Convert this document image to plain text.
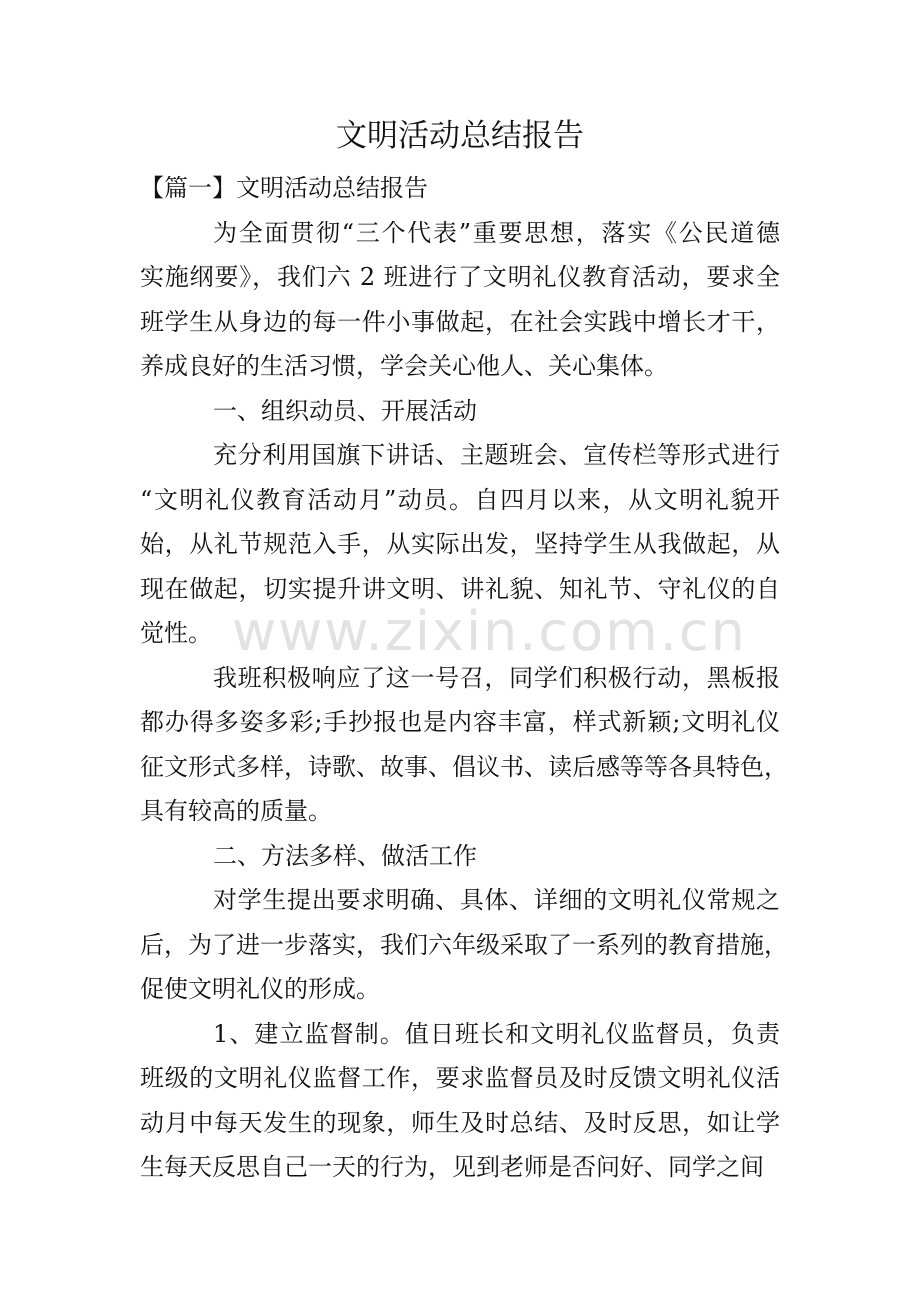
文明活动总结报告
【篇一】文明活动总结报告
为全面贯彻“三个代表”重要思想，落实《公民道德
实施纲要》，我们六 2 班进行了文明礼仪教育活动，要求全
班学生从身边的每一件小事做起，在社会实践中增长才干，
养成良好的生活习惯，学会关心他人、关心集体。
一、组织动员、开展活动
充分利用国旗下讲话、主题班会、宣传栏等形式进行
“文明礼仪教育活动月”动员。自四月以来，从文明礼貌开
始，从礼节规范入手，从实际出发，坚持学生从我做起，从
现在做起，切实提升讲文明、讲礼貌、知礼节、守礼仪的自
觉性。
我班积极响应了这一号召，同学们积极行动，黑板报
都办得多姿多彩;手抄报也是内容丰富，样式新颖;文明礼仪
征文形式多样，诗歌、故事、倡议书、读后感等等各具特色，
具有较高的质量。
二、方法多样、做活工作
对学生提出要求明确、具体、详细的文明礼仪常规之
后，为了进一步落实，我们六年级采取了一系列的教育措施，
促使文明礼仪的形成。
1、建立监督制。值日班长和文明礼仪监督员，负责
班级的文明礼仪监督工作，要求监督员及时反馈文明礼仪活
动月中每天发生的现象，师生及时总结、及时反思，如让学
生每天反思自己一天的行为，见到老师是否问好、同学之间
www.zixin.com.cn
